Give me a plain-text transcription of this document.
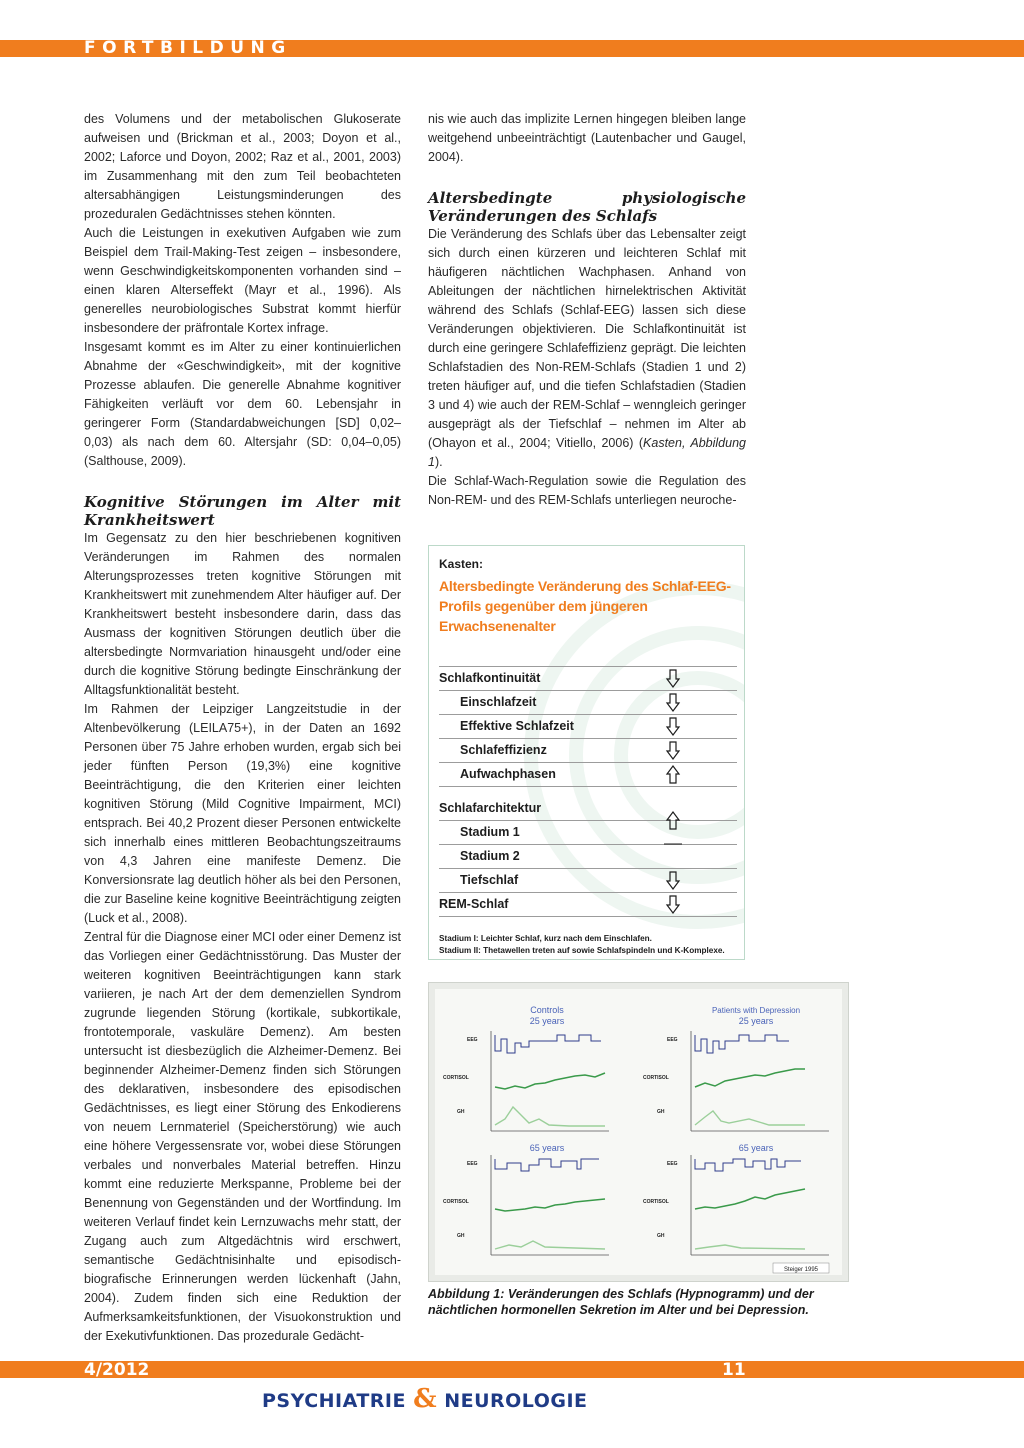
FORTBILDUNG

des Volumens und der metabolischen Glukoserate aufweisen und (Brickman et al., 2003; Doyon et al., 2002; Laforce und Doyon, 2002; Raz et al., 2001, 2003) im Zusammenhang mit den zum Teil beobachteten altersabhängigen Leistungsminderungen des prozeduralen Gedächtnisses stehen könnten.

Auch die Leistungen in exekutiven Aufgaben wie zum Beispiel dem Trail-Making-Test zeigen – insbesondere, wenn Geschwindigkeitskomponenten vorhanden sind – einen klaren Alterseffekt (Mayr et al., 1996). Als generelles neurobiologisches Substrat kommt hierfür insbesondere der präfrontale Kortex infrage.

Insgesamt kommt es im Alter zu einer kontinuierlichen Abnahme der «Geschwindigkeit», mit der kognitive Prozesse ablaufen. Die generelle Abnahme kognitiver Fähigkeiten verläuft vor dem 60. Lebensjahr in geringerer Form (Standardabweichungen [SD] 0,02–0,03) als nach dem 60. Altersjahr (SD: 0,04–0,05) (Salthouse, 2009).

Kognitive Störungen im Alter mit Krankheitswert

Im Gegensatz zu den hier beschriebenen kognitiven Veränderungen im Rahmen des normalen Alterungsprozesses treten kognitive Störungen mit Krankheitswert mit zunehmendem Alter häufiger auf. Der Krankheitswert besteht insbesondere darin, dass das Ausmass der kognitiven Störungen deutlich über die altersbedingte Normvariation hinausgeht und/oder eine durch die kognitive Störung bedingte Einschränkung der Alltagsfunktionalität besteht.

Im Rahmen der Leipziger Langzeitstudie in der Altenbevölkerung (LEILA75+), in der Daten an 1692 Personen über 75 Jahre erhoben wurden, ergab sich bei jeder fünften Person (19,3%) eine kognitive Beeinträchtigung, die den Kriterien einer leichten kognitiven Störung (Mild Cognitive Impairment, MCI) entsprach. Bei 40,2 Prozent dieser Personen entwickelte sich innerhalb eines mittleren Beobachtungszeitraums von 4,3 Jahren eine manifeste Demenz. Die Konversionsrate lag deutlich höher als bei den Personen, die zur Baseline keine kognitive Beeinträchtigung zeigten (Luck et al., 2008).

Zentral für die Diagnose einer MCI oder einer Demenz ist das Vorliegen einer Gedächtnisstörung. Das Muster der weiteren kognitiven Beeinträchtigungen kann stark variieren, je nach Art der dem demenziellen Syndrom zugrunde liegenden Störung (kortikale, subkortikale, frontotemporale, vaskuläre Demenz). Am besten untersucht ist diesbezüglich die Alzheimer-Demenz. Bei beginnender Alzheimer-Demenz finden sich Störungen des deklarativen, insbesondere des episodischen Gedächtnisses, es liegt einer Störung des Enkodierens von neuem Lernmateriel (Speicherstörung) wie auch eine höhere Vergessensrate vor, wobei diese Störungen verbales und nonverbales Material betreffen. Hinzu kommt eine reduzierte Merkspanne, Probleme bei der Benennung von Gegenständen und der Wortfindung. Im weiteren Verlauf findet kein Lernzuwachs mehr statt, der Zugang auch zum Altgedächtnis wird erschwert, semantische Gedächtnisinhalte und episodisch-biografische Erinnerungen werden lückenhaft (Jahn, 2004). Zudem finden sich eine Reduktion der Aufmerksamkeitsfunktionen, der Visuokonstruktion und der Exekutivfunktionen. Das prozedurale Gedächt-

nis wie auch das implizite Lernen hingegen bleiben lange weitgehend unbeeinträchtigt (Lautenbacher und Gaugel, 2004).

Altersbedingte physiologische Veränderungen des Schlafs

Die Veränderung des Schlafs über das Lebensalter zeigt sich durch einen kürzeren und leichteren Schlaf mit häufigeren nächtlichen Wachphasen. Anhand von Ableitungen der nächtlichen hirnelektrischen Aktivität während des Schlafs (Schlaf-EEG) lassen sich diese Veränderungen objektivieren. Die Schlafkontinuität ist durch eine geringere Schlafeffizienz geprägt. Die leichten Schlafstadien des Non-REM-Schlafs (Stadien 1 und 2) treten häufiger auf, und die tiefen Schlafstadien (Stadien 3 und 4) wie auch der REM-Schlaf – wenngleich geringer ausgeprägt als der Tiefschlaf – nehmen im Alter ab (Ohayon et al., 2004; Vitiello, 2006) (Kasten, Abbildung 1).

Die Schlaf-Wach-Regulation sowie die Regulation des Non-REM- und des REM-Schlafs unterliegen neuroche-

Kasten:
Altersbedingte Veränderung des Schlaf-EEG-Profils gegenüber dem jüngeren Erwachsenenalter
Schlafkontinuität
Einschlafzeit
Effektive Schlafzeit
Schlafeffizienz
Aufwachphasen
Schlafarchitektur
Stadium 1
Stadium 2
Tiefschlaf
REM-Schlaf
Stadium I: Leichter Schlaf, kurz nach dem Einschlafen.
Stadium II: Thetawellen treten auf sowie Schlafspindeln und K-Komplexe.
Controls
25 years
Patients with Depression
25 years
65 years	65 years
EEG
CORTISOL
GH
EEG
CORTISOL
GH
EEG
CORTISOL
GH
EEG
CORTISOL
GH
Steiger 1995
Abbildung 1: Veränderungen des Schlafs (Hypnogramm) und der nächtlichen hormonellen Sekretion im Alter und bei Depression.
4/2012	11
PSYCHIATRIE & NEUROLOGIE
